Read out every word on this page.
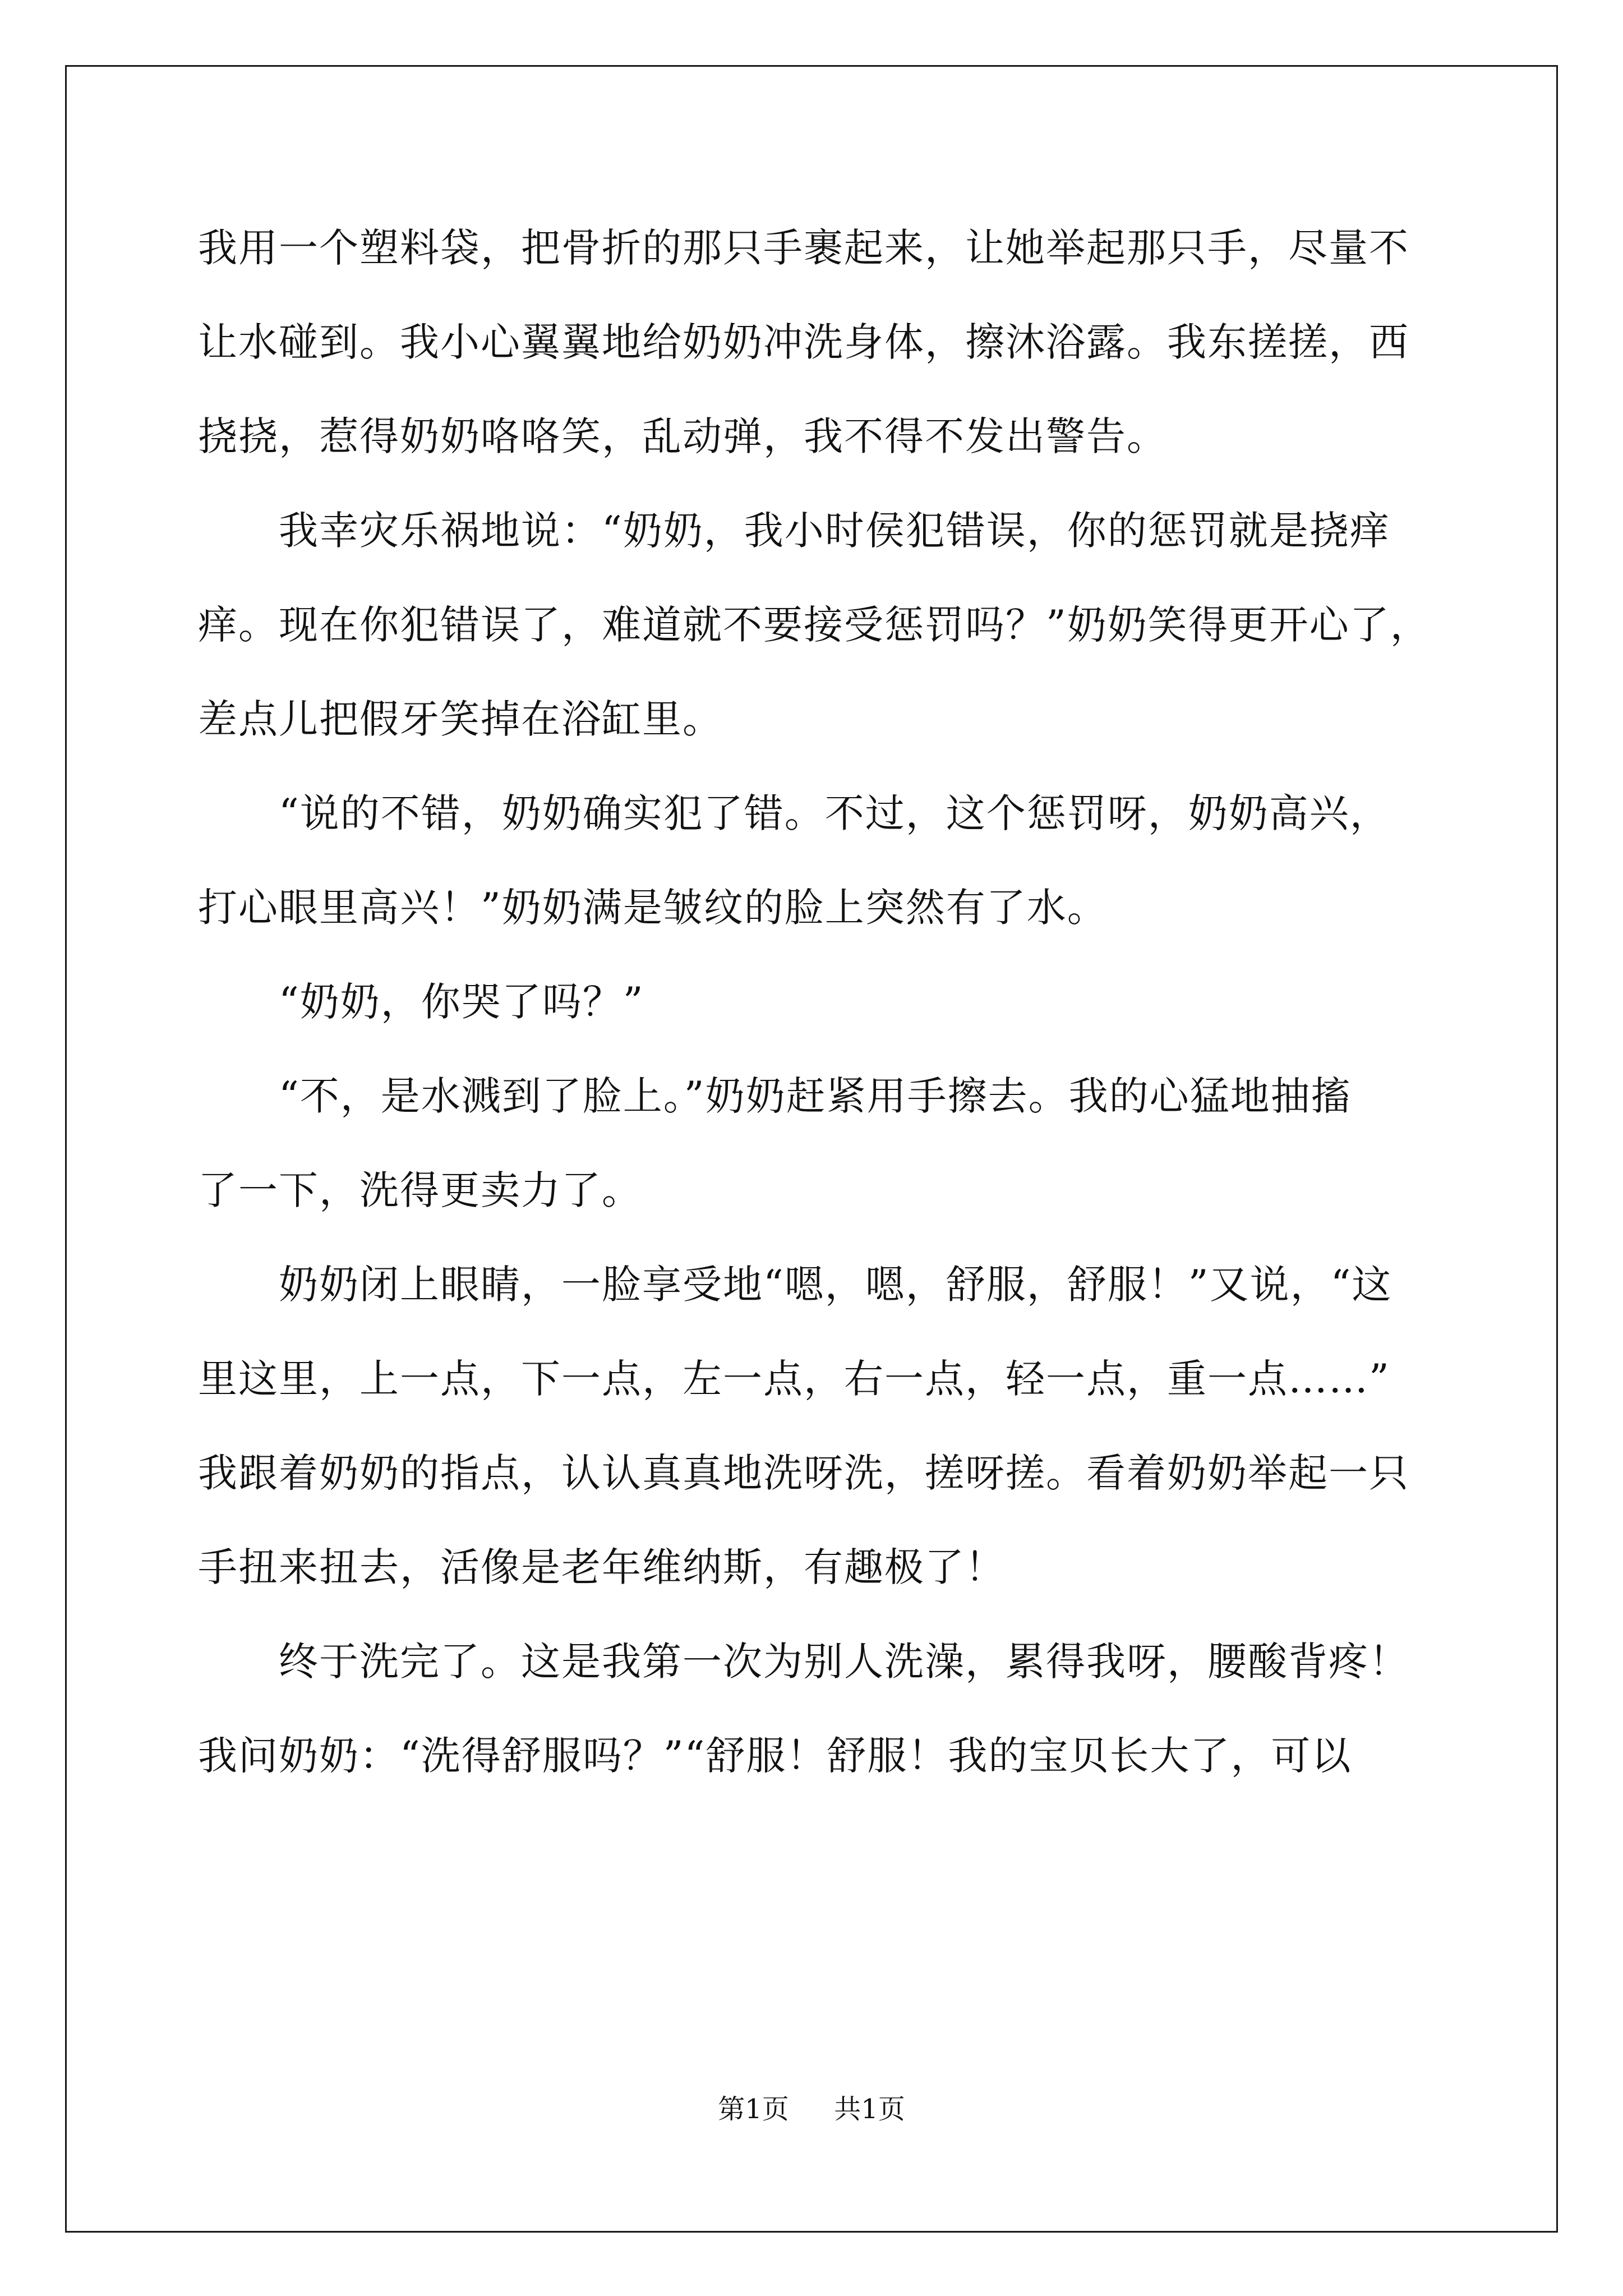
我用一个塑料袋，把骨折的那只手裹起来，让她举起那只手，尽量不
让水碰到。我小心翼翼地给奶奶冲洗身体，擦沐浴露。我东搓搓，西
挠挠，惹得奶奶咯咯笑，乱动弹，我不得不发出警告。
　　我幸灾乐祸地说：“奶奶，我小时侯犯错误，你的惩罚就是挠痒
痒。现在你犯错误了，难道就不要接受惩罚吗？”奶奶笑得更开心了，
差点儿把假牙笑掉在浴缸里。
　　“说的不错，奶奶确实犯了错。不过，这个惩罚呀，奶奶高兴，
打心眼里高兴！”奶奶满是皱纹的脸上突然有了水。
　　“奶奶，你哭了吗？”
　　“不，是水溅到了脸上。”奶奶赶紧用手擦去。我的心猛地抽搐
了一下，洗得更卖力了。
　　奶奶闭上眼睛，一脸享受地“嗯，嗯，舒服，舒服！”又说，“这
里这里，上一点，下一点，左一点，右一点，轻一点，重一点……”
我跟着奶奶的指点，认认真真地洗呀洗，搓呀搓。看着奶奶举起一只
手扭来扭去，活像是老年维纳斯，有趣极了！
　　终于洗完了。这是我第一次为别人洗澡，累得我呀，腰酸背疼！
我问奶奶：“洗得舒服吗？”“舒服！舒服！我的宝贝长大了，可以
第1页 共1页
